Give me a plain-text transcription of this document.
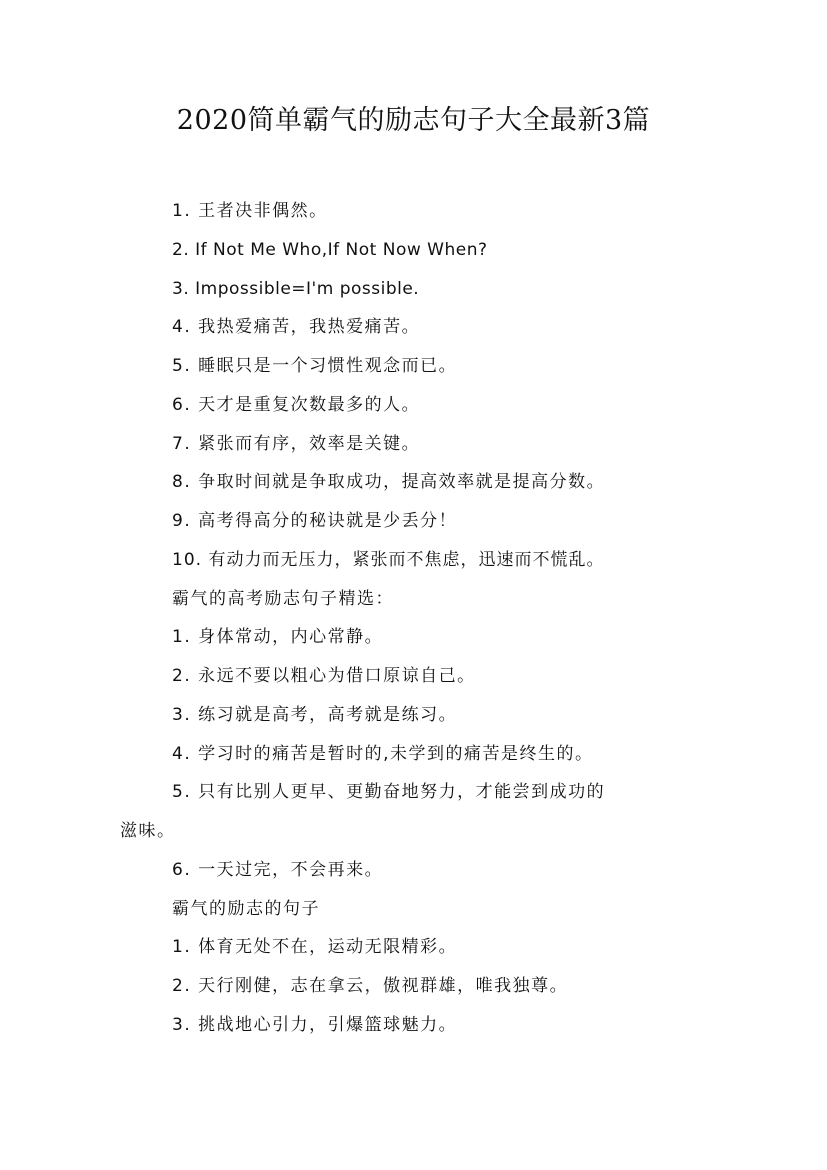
2020简单霸气的励志句子大全最新3篇
1. 王者决非偶然。
2. If Not Me Who,If Not Now When?
3. Impossible=I'm possible.
4. 我热爱痛苦，我热爱痛苦。
5. 睡眠只是一个习惯性观念而已。
6. 天才是重复次数最多的人。
7. 紧张而有序，效率是关键。
8. 争取时间就是争取成功，提高效率就是提高分数。
9. 高考得高分的秘诀就是少丢分！
10. 有动力而无压力，紧张而不焦虑，迅速而不慌乱。
霸气的高考励志句子精选：
1. 身体常动，内心常静。
2. 永远不要以粗心为借口原谅自己。
3. 练习就是高考，高考就是练习。
4. 学习时的痛苦是暂时的,未学到的痛苦是终生的。
5. 只有比别人更早、更勤奋地努力，才能尝到成功的
滋味。
6. 一天过完，不会再来。
霸气的励志的句子
1. 体育无处不在，运动无限精彩。
2. 天行刚健，志在拿云，傲视群雄，唯我独尊。
3. 挑战地心引力，引爆篮球魅力。
